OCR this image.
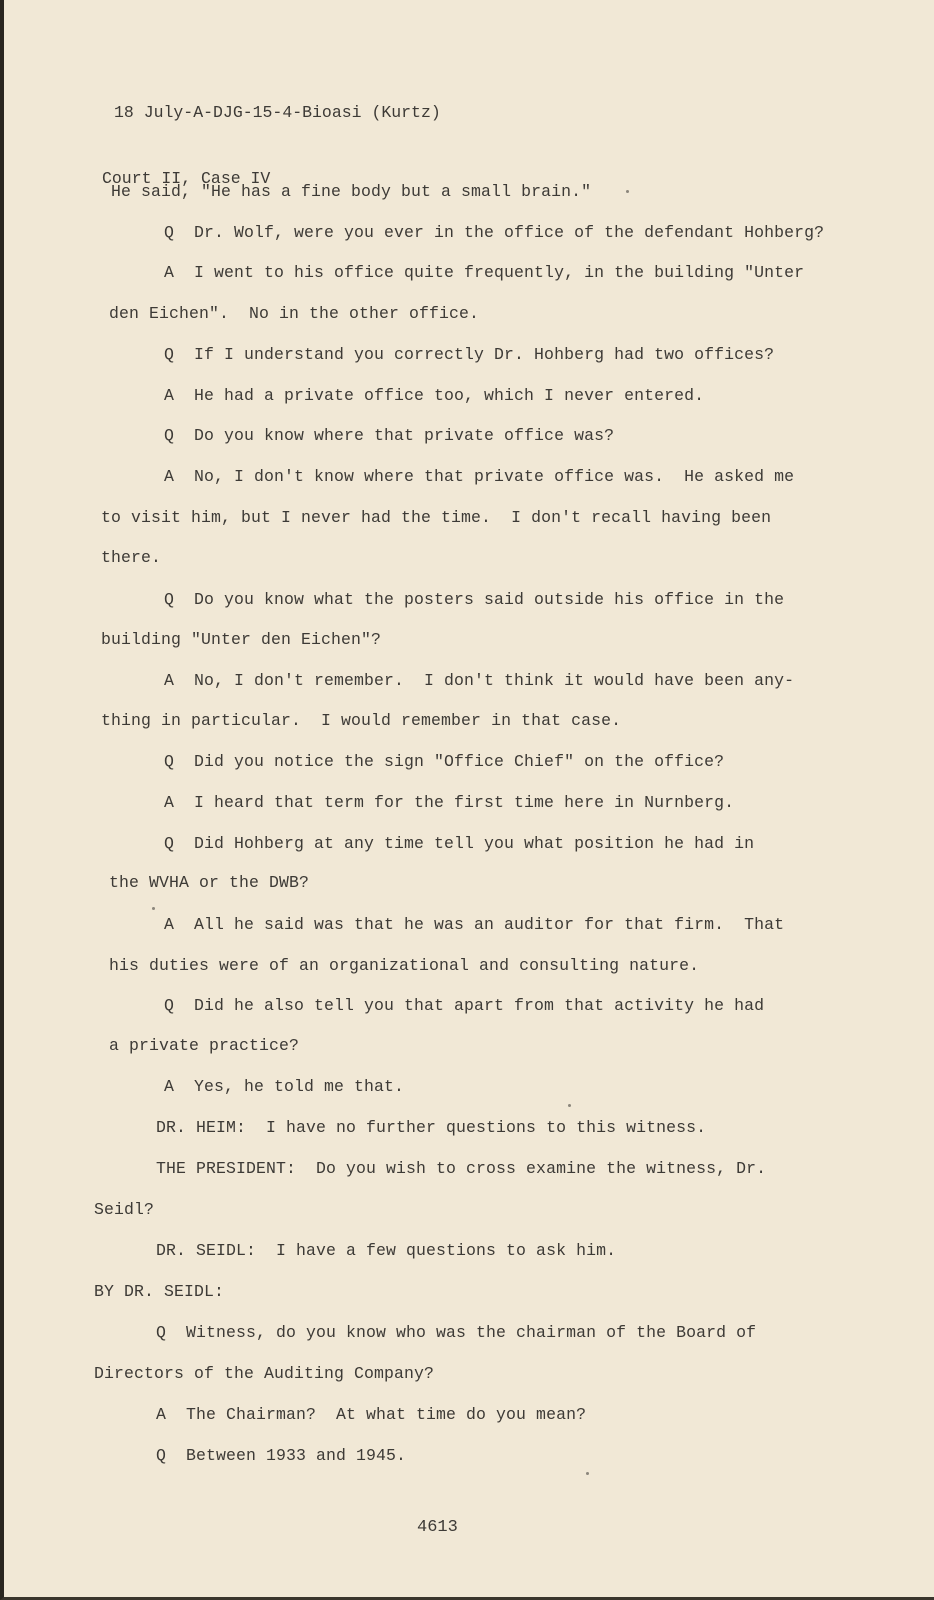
18 July-A-DJG-15-4-Bioasi (Kurtz)

Court II, Case IV

He said, "He has a fine body but a small brain."
Q  Dr. Wolf, were you ever in the office of the defendant Hohberg?
A  I went to his office quite frequently, in the building "Unter
den Eichen".  No in the other office.
Q  If I understand you correctly Dr. Hohberg had two offices?
A  He had a private office too, which I never entered.
Q  Do you know where that private office was?
A  No, I don't know where that private office was.  He asked me
to visit him, but I never had the time.  I don't recall having been
there.
Q  Do you know what the posters said outside his office in the
building "Unter den Eichen"?
A  No, I don't remember.  I don't think it would have been any-
thing in particular.  I would remember in that case.
Q  Did you notice the sign "Office Chief" on the office?
A  I heard that term for the first time here in Nurnberg.
Q  Did Hohberg at any time tell you what position he had in
the WVHA or the DWB?
A  All he said was that he was an auditor for that firm.  That
his duties were of an organizational and consulting nature.
Q  Did he also tell you that apart from that activity he had
a private practice?
A  Yes, he told me that.
DR. HEIM:  I have no further questions to this witness.
THE PRESIDENT:  Do you wish to cross examine the witness, Dr.
Seidl?
DR. SEIDL:  I have a few questions to ask him.
BY DR. SEIDL:
Q  Witness, do you know who was the chairman of the Board of
Directors of the Auditing Company?
A  The Chairman?  At what time do you mean?
Q  Between 1933 and 1945.
4613
